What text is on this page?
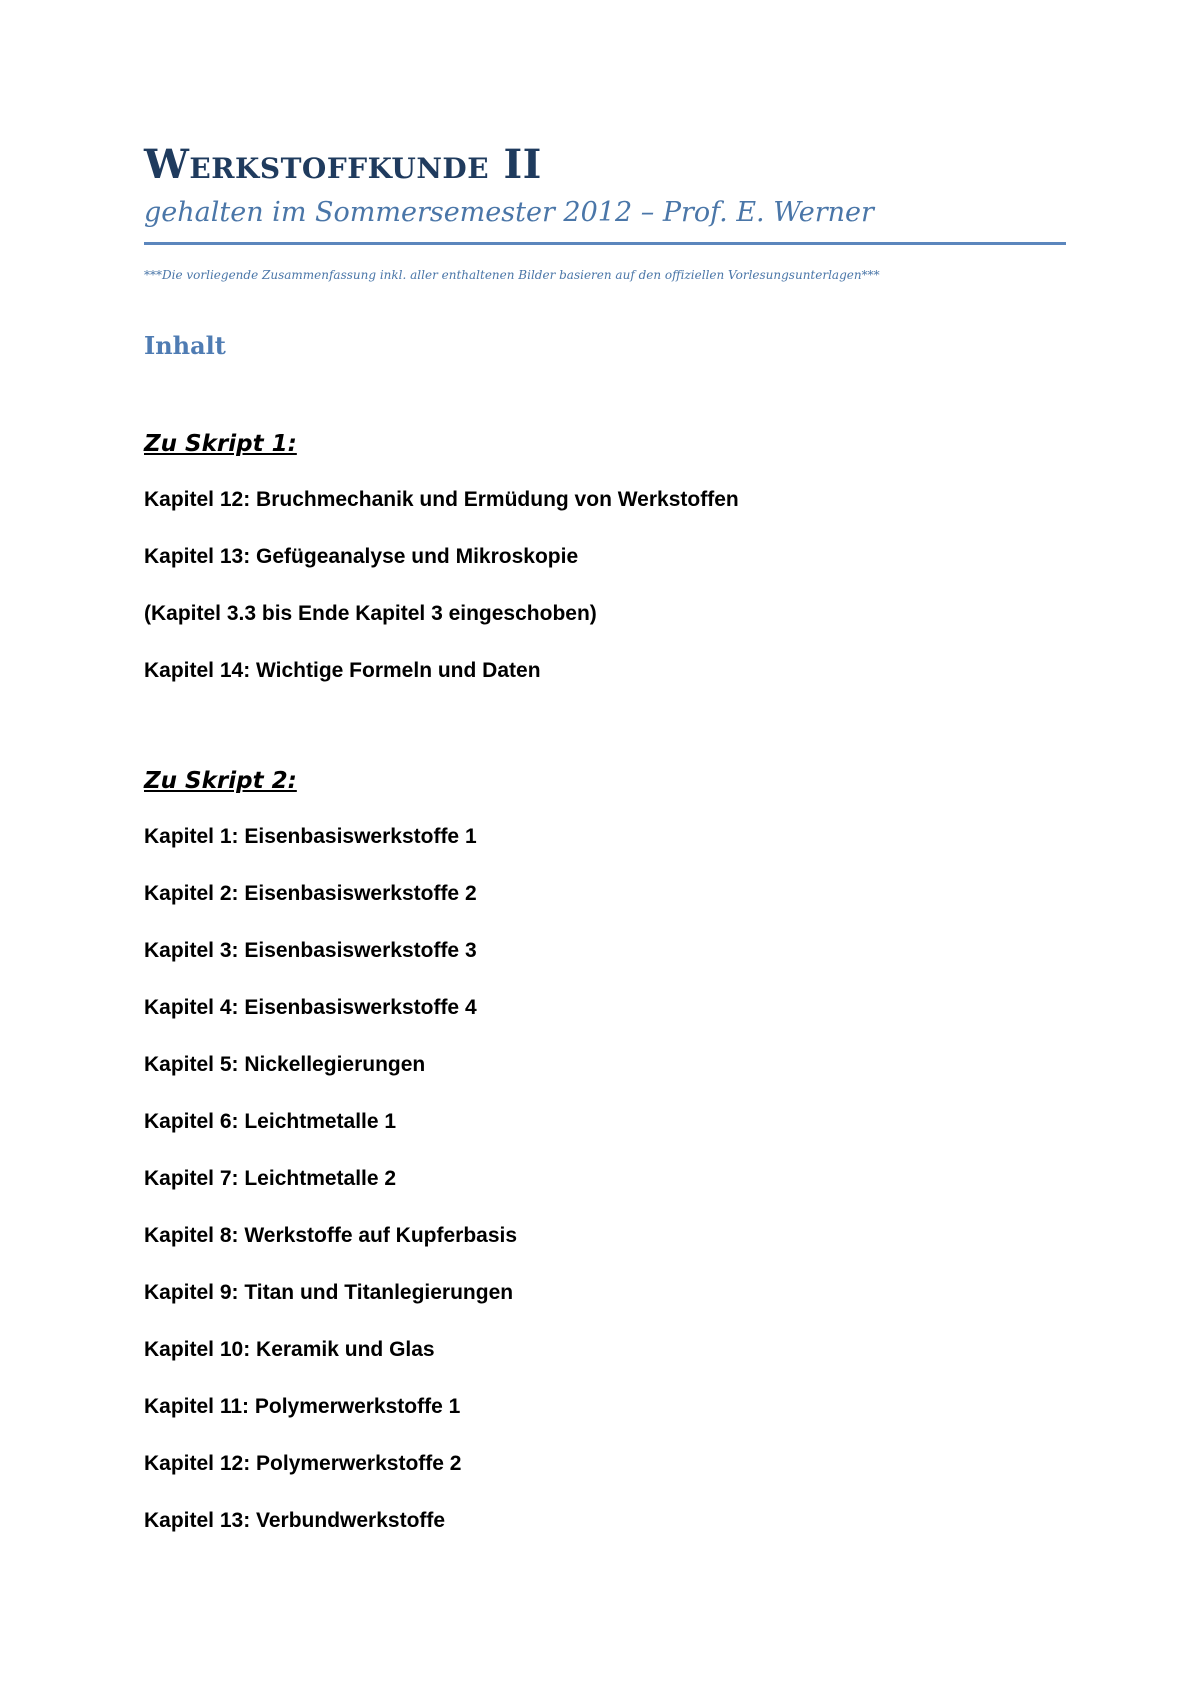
Werkstoffkunde II

gehalten im Sommersemester 2012 – Prof. E. Werner

***Die vorliegende Zusammenfassung inkl. aller enthaltenen Bilder basieren auf den offiziellen Vorlesungsunterlagen***

Inhalt
Zu Skript 1:
Kapitel 12: Bruchmechanik und Ermüdung von Werkstoffen
Kapitel 13: Gefügeanalyse und Mikroskopie
(Kapitel 3.3 bis Ende Kapitel 3 eingeschoben)
Kapitel 14: Wichtige Formeln und Daten
Zu Skript 2:
Kapitel 1: Eisenbasiswerkstoffe 1
Kapitel 2: Eisenbasiswerkstoffe 2
Kapitel 3: Eisenbasiswerkstoffe 3
Kapitel 4: Eisenbasiswerkstoffe 4
Kapitel 5: Nickellegierungen
Kapitel 6: Leichtmetalle 1
Kapitel 7: Leichtmetalle 2
Kapitel 8: Werkstoffe auf Kupferbasis
Kapitel 9: Titan und Titanlegierungen
Kapitel 10: Keramik und Glas
Kapitel 11: Polymerwerkstoffe 1
Kapitel 12: Polymerwerkstoffe 2
Kapitel 13: Verbundwerkstoffe
